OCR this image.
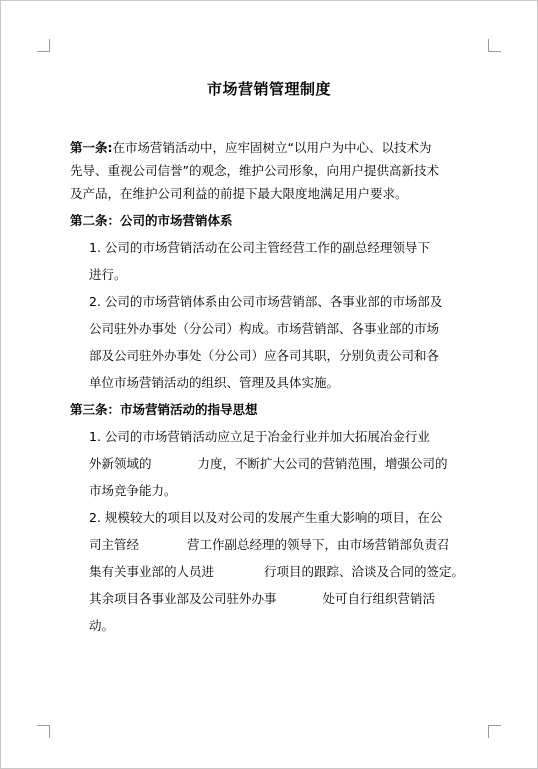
市场营销管理制度
第一条:在市场营销活动中，应牢固树立“以用户为中心、以技术为
先导、重视公司信誉”的观念，维护公司形象，向用户提供高新技术
及产品，在维护公司利益的前提下最大限度地满足用户要求。
第二条：公司的市场营销体系
1. 公司的市场营销活动在公司主管经营工作的副总经理领导下
进行。
2. 公司的市场营销体系由公司市场营销部、各事业部的市场部及
公司驻外办事处（分公司）构成。市场营销部、各事业部的市场
部及公司驻外办事处（分公司）应各司其职，分别负责公司和各
单位市场营销活动的组织、管理及具体实施。
第三条：市场营销活动的指导思想
1. 公司的市场营销活动应立足于冶金行业并加大拓展冶金行业
外新领域的	力度，不断扩大公司的营销范围，增强公司的
市场竞争能力。
2. 规模较大的项目以及对公司的发展产生重大影响的项目，在公
司主管经	营工作副总经理的领导下，由市场营销部负责召
集有关事业部的人员进	行项目的跟踪、洽谈及合同的签定。
其余项目各事业部及公司驻外办事	处可自行组织营销活
动。
